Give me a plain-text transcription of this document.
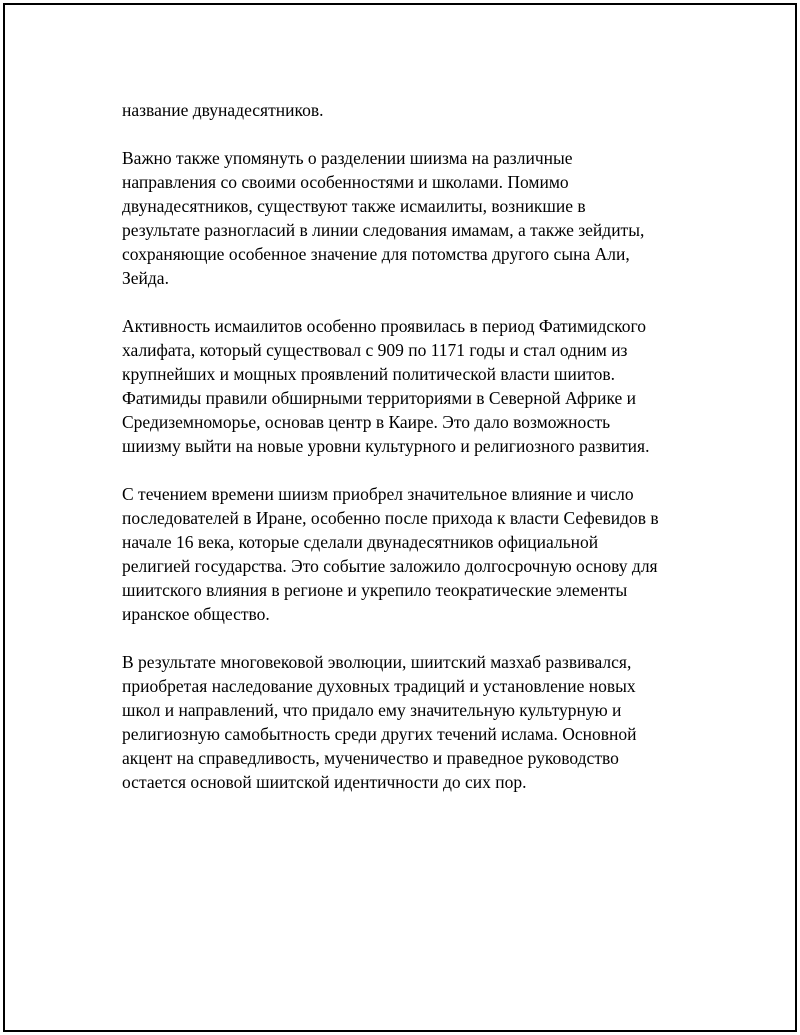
название двунадесятников.

Важно также упомянуть о разделении шиизма на различные
направления со своими особенностями и школами. Помимо
двунадесятников, существуют также исмаилиты, возникшие в
результате разногласий в линии следования имамам, а также зейдиты,
сохраняющие особенное значение для потомства другого сына Али,
Зейда.

Активность исмаилитов особенно проявилась в период Фатимидского
халифата, который существовал с 909 по 1171 годы и стал одним из
крупнейших и мощных проявлений политической власти шиитов.
Фатимиды правили обширными территориями в Северной Африке и
Средиземноморье, основав центр в Каире. Это дало возможность
шиизму выйти на новые уровни культурного и религиозного развития.

С течением времени шиизм приобрел значительное влияние и число
последователей в Иране, особенно после прихода к власти Сефевидов в
начале 16 века, которые сделали двунадесятников официальной
религией государства. Это событие заложило долгосрочную основу для
шиитского влияния в регионе и укрепило теократические элементы
иранское общество.

В результате многовековой эволюции, шиитский мазхаб развивался,
приобретая наследование духовных традиций и установление новых
школ и направлений, что придало ему значительную культурную и
религиозную самобытность среди других течений ислама. Основной
акцент на справедливость, мученичество и праведное руководство
остается основой шиитской идентичности до сих пор.
